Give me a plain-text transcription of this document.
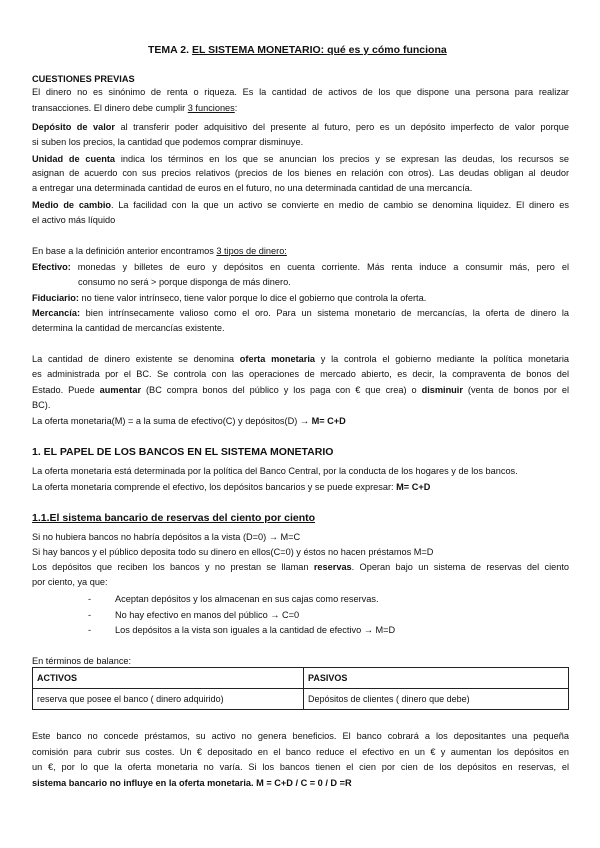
TEMA 2. EL SISTEMA MONETARIO: qué es y cómo funciona
CUESTIONES PREVIAS
El dinero no es sinónimo de renta o riqueza. Es la cantidad de activos de los que dispone una persona para realizar
transacciones. El dinero debe cumplir 3 funciones:
Depósito de valor al transferir poder adquisitivo del presente al futuro, pero es un depósito imperfecto de valor porque
si suben los precios, la cantidad que podemos comprar disminuye.
Unidad de cuenta indica los términos en los que se anuncian los precios y se expresan las deudas, los recursos se
asignan de acuerdo con sus precios relativos (precios de los bienes en relación con otros). Las deudas obligan al deudor
a entregar una determinada cantidad de euros en el futuro, no una determinada cantidad de una mercancía.
Medio de cambio. La facilidad con la que un activo se convierte en medio de cambio se denomina liquidez. El dinero es
el activo más líquido
En base a la definición anterior encontramos 3 tipos de dinero:
Efectivo: monedas y billetes de euro y depósitos en cuenta corriente. Más renta induce a consumir más, pero el
consumo no será > porque disponga de más dinero.
Fiduciario: no tiene valor intrínseco, tiene valor porque lo dice el gobierno que controla la oferta.
Mercancía: bien intrínsecamente valioso como el oro. Para un sistema monetario de mercancías, la oferta de dinero la
determina la cantidad de mercancías existente.
La cantidad de dinero existente se denomina oferta monetaria y la controla el gobierno mediante la política monetaria
es administrada por el BC. Se controla con las operaciones de mercado abierto, es decir, la compraventa de bonos del
Estado. Puede aumentar (BC compra bonos del público y los paga con € que crea) o disminuir (venta de bonos por el
BC).
La oferta monetaria(M) = a la suma de efectivo(C) y depósitos(D) → M= C+D
1. EL PAPEL DE LOS BANCOS EN EL SISTEMA MONETARIO
La oferta monetaria está determinada por la política del Banco Central, por la conducta de los hogares y de los bancos.
La oferta monetaria comprende el efectivo, los depósitos bancarios y se puede expresar: M= C+D
1.1.El sistema bancario de reservas del ciento por ciento
Si no hubiera bancos no habría depósitos a la vista (D=0) → M=C
Si hay bancos y el público deposita todo su dinero en ellos(C=0) y éstos no hacen préstamos M=D
Los depósitos que reciben los bancos y no prestan se llaman reservas. Operan bajo un sistema de reservas del ciento
por ciento, ya que:
-	Aceptan depósitos y los almacenan en sus cajas como reservas.
-	No hay efectivo en manos del público → C=0
-	Los depósitos a la vista son iguales a la cantidad de efectivo → M=D
En términos de balance:
ACTIVOS	PASIVOS
reserva que posee el banco ( dinero adquirido)	Depósitos de clientes ( dinero que debe)
Este banco no concede préstamos, su activo no genera beneficios. El banco cobrará a los depositantes una pequeña
comisión para cubrir sus costes. Un € depositado en el banco reduce el efectivo en un € y aumentan los depósitos en
un €, por lo que la oferta monetaria no varía. Si los bancos tienen el cien por cien de los depósitos en reservas, el
sistema bancario no influye en la oferta monetaria. M = C+D / C = 0 / D =R
